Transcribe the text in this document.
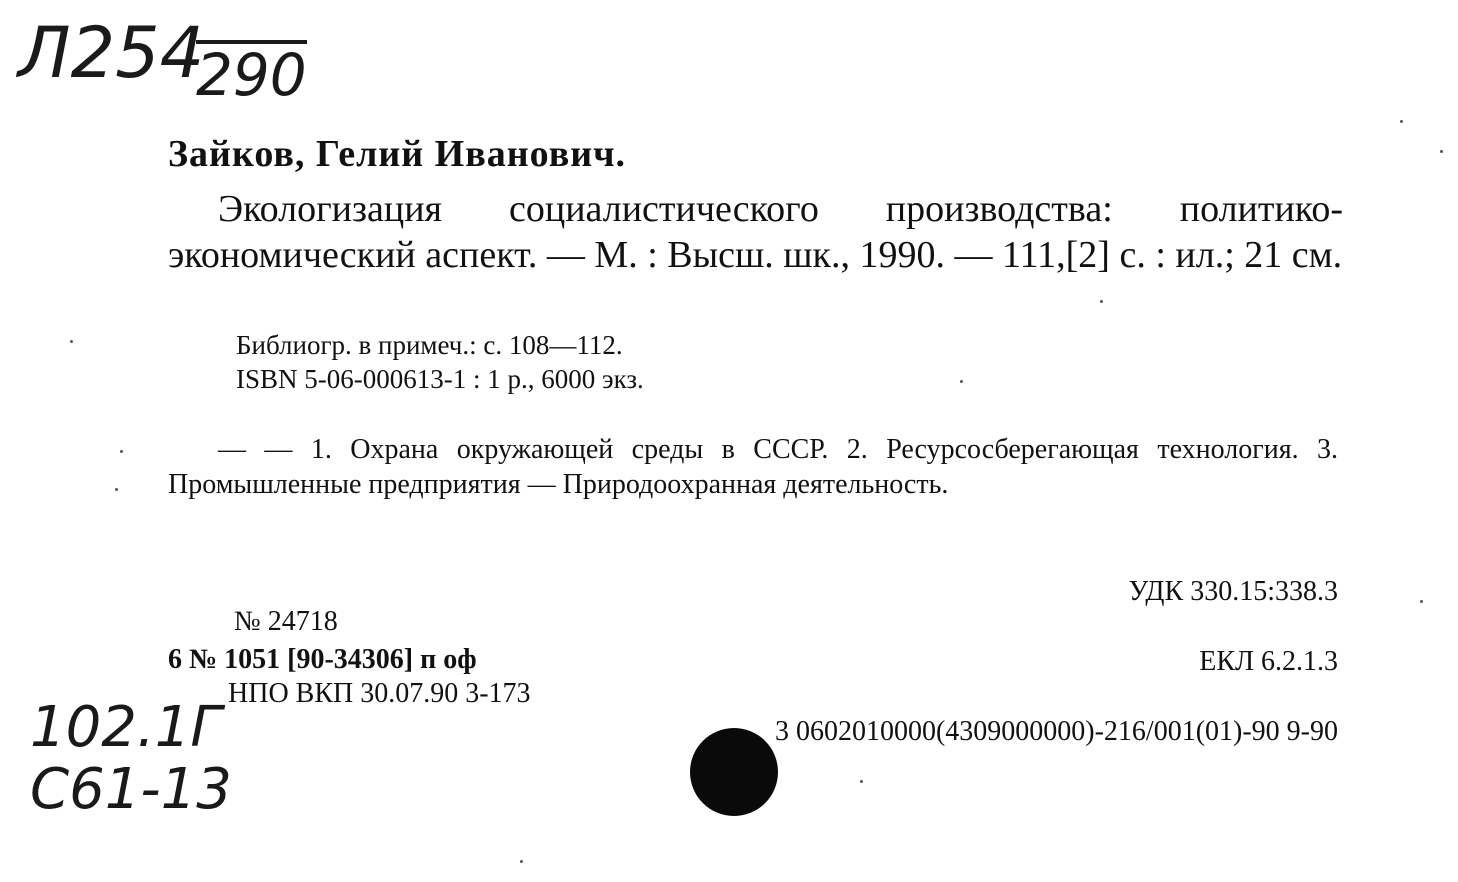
Л254
290
Зайков, Гелий Иванович.
Экологизация социалистического производства: политико-экономический аспект. — М. : Высш. шк., 1990. — 111,[2] с. : ил.; 21 см.
Библиогр. в примеч.: с. 108—112.
ISBN 5-06-000613-1 : 1 р., 6000 экз.
— — 1. Охрана окружающей среды в СССР. 2. Ресурсосберегающая технология. 3. Промышленные предприятия — Природоохранная деятельность.
УДК 330.15:338.3
№ 24718
6 № 1051 [90-34306] п оф	ЕКЛ 6.2.1.3
НПО ВКП 30.07.90 3-173
3 0602010000(4309000000)-216/001(01)-90 9-90
102.1Г
С61-13
